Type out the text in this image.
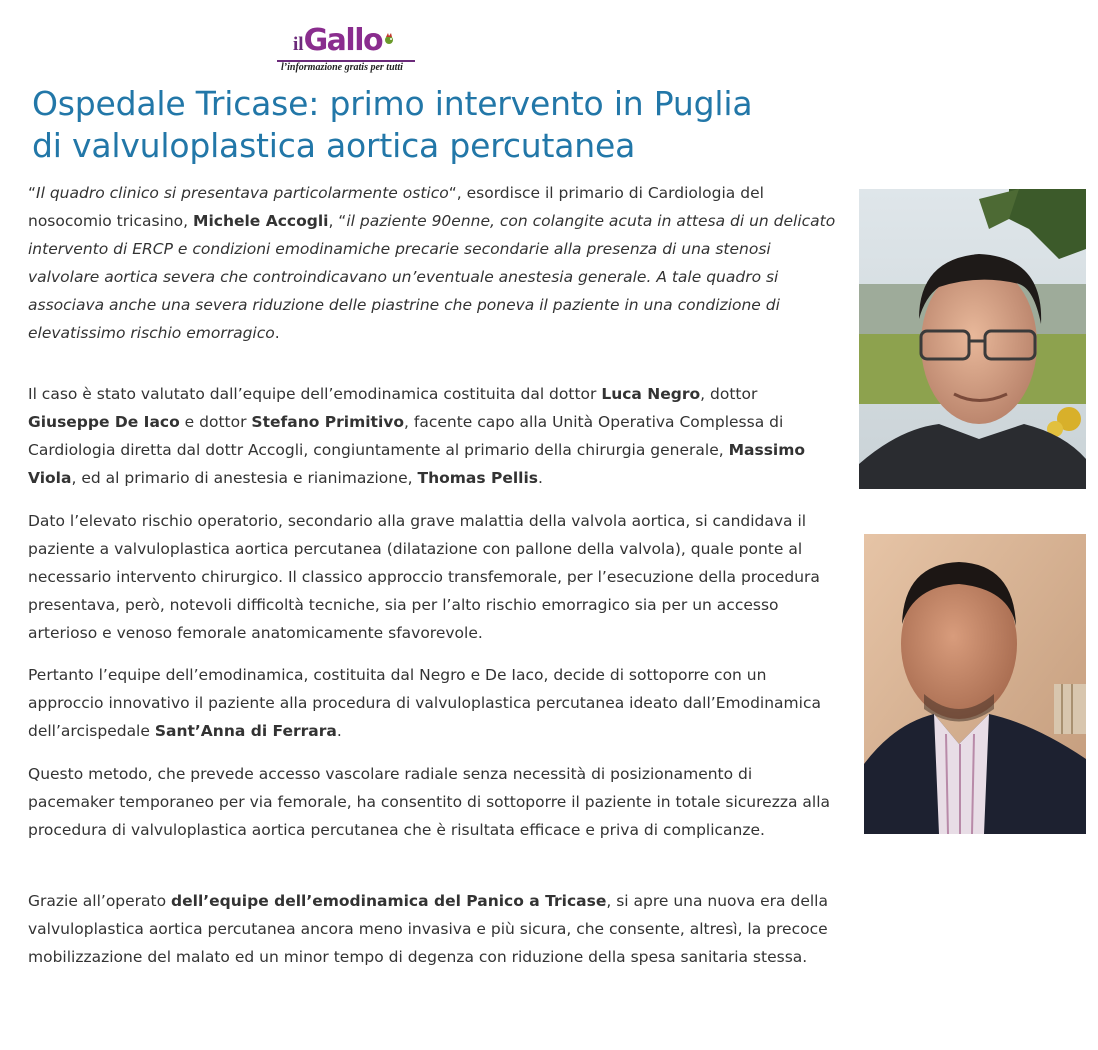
ilGallo
l’informazione gratis per tutti
Ospedale Tricase: primo intervento in Puglia
di valvuloplastica aortica percutanea

“Il quadro clinico si presentava particolarmente ostico“, esordisce il primario di Cardiologia del nosocomio tricasino, Michele Accogli, “il paziente 90enne, con colangite acuta in attesa di un delicato intervento di ERCP e condizioni emodinamiche precarie secondarie alla presenza di una stenosi valvolare aortica severa che controindicavano un’eventuale anestesia generale. A tale quadro si associava anche una severa riduzione delle piastrine che poneva il paziente in una condizione di elevatissimo rischio emorragico.

Il caso è stato valutato dall’equipe dell’emodinamica costituita dal dottor Luca Negro, dottor Giuseppe De Iaco e dottor Stefano Primitivo, facente capo alla Unità Operativa Complessa di Cardiologia diretta dal dottr Accogli, congiuntamente al primario della chirurgia generale, Massimo Viola, ed al primario di anestesia e rianimazione, Thomas Pellis.

Dato l’elevato rischio operatorio, secondario alla grave malattia della valvola aortica, si candidava il paziente a valvuloplastica aortica percutanea (dilatazione con pallone della valvola), quale ponte al necessario intervento chirurgico. Il classico approccio transfemorale, per l’esecuzione della procedura presentava, però, notevoli difficoltà tecniche, sia per l’alto rischio emorragico sia per un accesso arterioso e venoso femorale anatomicamente sfavorevole.

Pertanto l’equipe dell’emodinamica, costituita dal Negro e De Iaco, decide di sottoporre con un approccio innovativo il paziente alla procedura di valvuloplastica percutanea ideato dall’Emodinamica dell’arcispedale Sant’Anna di Ferrara.

Questo metodo, che prevede accesso vascolare radiale senza necessità di posizionamento di pacemaker temporaneo per via femorale, ha consentito di sottoporre il paziente in totale sicurezza alla procedura di valvuloplastica aortica percutanea che è risultata efficace e priva di complicanze.

Grazie all’operato dell’equipe dell’emodinamica del Panico a Tricase, si apre una nuova era della valvuloplastica aortica percutanea ancora meno invasiva e più sicura, che consente, altresì, la precoce mobilizzazione del malato ed un minor tempo di degenza con riduzione della spesa sanitaria stessa.
